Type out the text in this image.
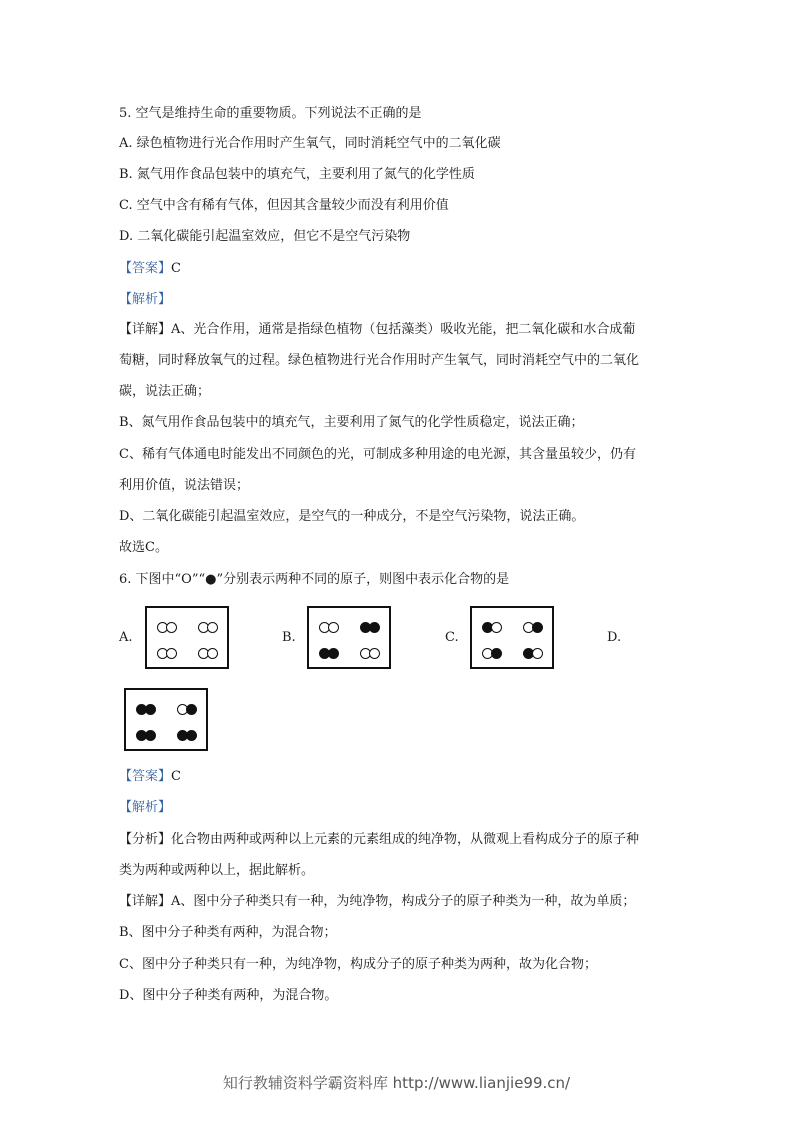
5. 空气是维持生命的重要物质。下列说法不正确的是
A. 绿色植物进行光合作用时产生氧气，同时消耗空气中的二氧化碳
B. 氮气用作食品包装中的填充气，主要利用了氮气的化学性质
C. 空气中含有稀有气体，但因其含量较少而没有利用价值
D. 二氧化碳能引起温室效应，但它不是空气污染物
【答案】C
【解析】
【详解】A、光合作用，通常是指绿色植物（包括藻类）吸收光能，把二氧化碳和水合成葡
萄糖，同时释放氧气的过程。绿色植物进行光合作用时产生氧气，同时消耗空气中的二氧化
碳，说法正确；
B、氮气用作食品包装中的填充气，主要利用了氮气的化学性质稳定，说法正确；
C、稀有气体通电时能发出不同颜色的光，可制成多种用途的电光源，其含量虽较少，仍有
利用价值，说法错误；
D、二氧化碳能引起温室效应，是空气的一种成分，不是空气污染物，说法正确。
故选C。
6. 下图中“O”“●”分别表示两种不同的原子，则图中表示化合物的是
A.	B.	C.	D.
【答案】C
【解析】
【分析】化合物由两种或两种以上元素的元素组成的纯净物，从微观上看构成分子的原子种
类为两种或两种以上，据此解析。
【详解】A、图中分子种类只有一种，为纯净物，构成分子的原子种类为一种，故为单质；
B、图中分子种类有两种，为混合物；
C、图中分子种类只有一种，为纯净物，构成分子的原子种类为两种，故为化合物；
D、图中分子种类有两种，为混合物。
知行教辅资料学霸资料库 http://www.lianjie99.cn/
